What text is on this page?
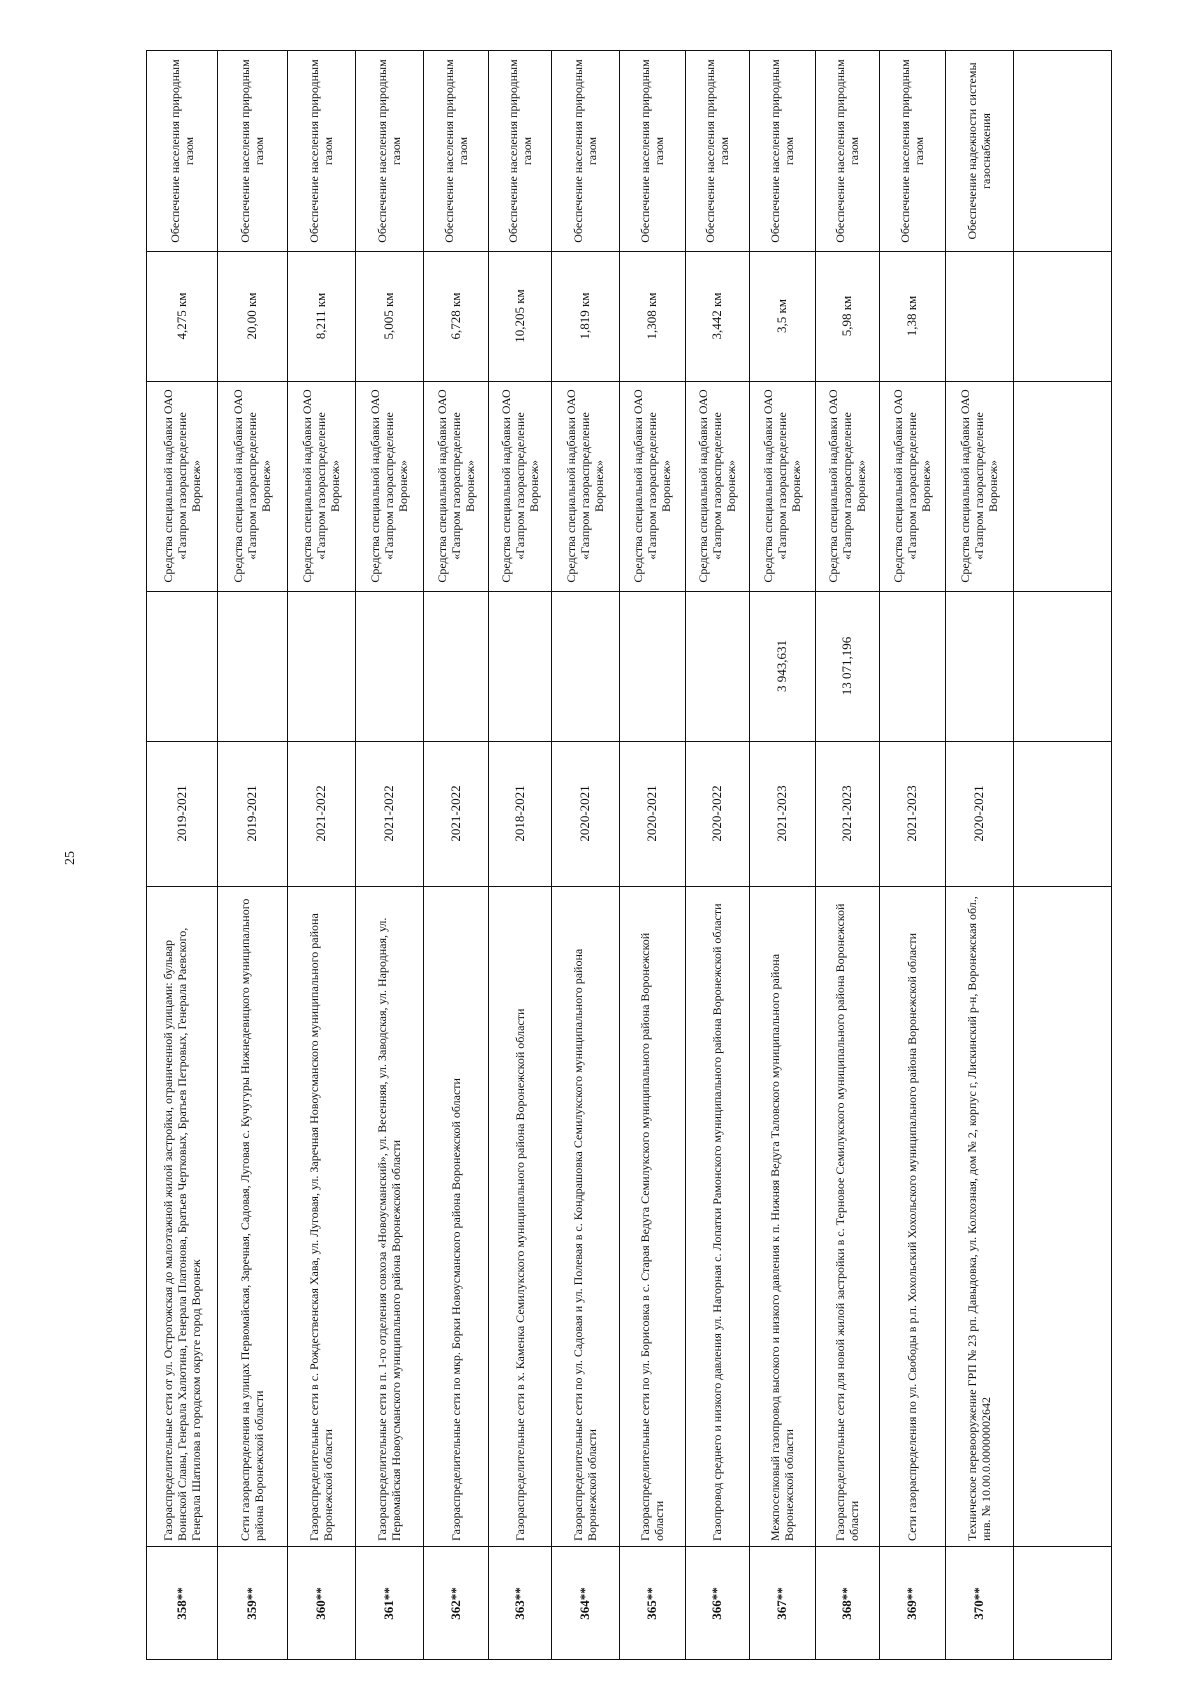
25
358**
Газораспределительные сети от ул. Острогожская до малоэтажной жилой застройки, ограниченной улицами: бульвар Воинской Славы, Генерала Халютина, Генерала Платонова, Братьев Чертковых, Братьев Петровых, Генерала Раевского, Генерала Шатилова в городском округе город Воронеж
2019-2021
Средства специальной надбавки ОАО «Газпром газораспределение Воронеж»
4,275 км
Обеспечение населения природным газом
359**
Сети газораспределения на улицах Первомайская, Заречная, Садовая, Луговая с. Кучугуры Нижнедевицкого муниципального района Воронежской области
2019-2021
Средства специальной надбавки ОАО «Газпром газораспределение Воронеж»
20,00 км
Обеспечение населения природным газом
360**
Газораспределительные сети в с. Рождественская Хава, ул. Луговая, ул. Заречная Новоусманского муниципального района Воронежской области
2021-2022
Средства специальной надбавки ОАО «Газпром газораспределение Воронеж»
8,211 км
Обеспечение населения природным газом
361**
Газораспределительные сети в п. 1-го отделения совхоза «Новоусманский», ул. Весенняя, ул. Заводская, ул. Народная, ул. Первомайская Новоусманского муниципального района Воронежской области
2021-2022
Средства специальной надбавки ОАО «Газпром газораспределение Воронеж»
5,005 км
Обеспечение населения природным газом
362**
Газораспределительные сети по мкр. Борки Новоусманского района Воронежской области
2021-2022
Средства специальной надбавки ОАО «Газпром газораспределение Воронеж»
6,728 км
Обеспечение населения природным газом
363**
Газораспределительные сети в х. Каменка Семилукского муниципального района Воронежской области
2018-2021
Средства специальной надбавки ОАО «Газпром газораспределение Воронеж»
10,205 км
Обеспечение населения природным газом
364**
Газораспределительные сети по ул. Садовая и ул. Полевая в с. Кондрашовка Семилукского муниципального района Воронежской области
2020-2021
Средства специальной надбавки ОАО «Газпром газораспределение Воронеж»
1,819 км
Обеспечение населения природным газом
365**
Газораспределительные сети по ул. Борисовка в с. Старая Ведуга Семилукского муниципального района Воронежской области
2020-2021
Средства специальной надбавки ОАО «Газпром газораспределение Воронеж»
1,308 км
Обеспечение населения природным газом
366**
Газопровод среднего и низкого давления ул. Нагорная с. Лопатки Рамонского муниципального района Воронежской области
2020-2022
Средства специальной надбавки ОАО «Газпром газораспределение Воронеж»
3,442 км
Обеспечение населения природным газом
367**
Межпоселковый газопровод высокого и низкого давления к п. Нижняя Ведуга Таловского муниципального района Воронежской области
2021-2023
3 943,631
Средства специальной надбавки ОАО «Газпром газораспределение Воронеж»
3,5 км
Обеспечение населения природным газом
368**
Газораспределительные сети для новой жилой застройки в с. Терновое Семилукского муниципального района Воронежской области
2021-2023
13 071,196
Средства специальной надбавки ОАО «Газпром газораспределение Воронеж»
5,98 км
Обеспечение населения природным газом
369**
Сети газораспределения по ул. Свободы в р.п. Хохольский Хохольского муниципального района Воронежской области
2021-2023
Средства специальной надбавки ОАО «Газпром газораспределение Воронеж»
1,38 км
Обеспечение населения природным газом
370**
Техническое перевооружение ГРП № 23 рп. Давыдовка, ул. Колхозная, дом № 2, корпус г, Лискинский р-н, Воронежская обл., инв. № 10.00.0.00000002642
2020-2021
Средства специальной надбавки ОАО «Газпром газораспределение Воронеж»
Обеспечение надежности системы газоснабжения
